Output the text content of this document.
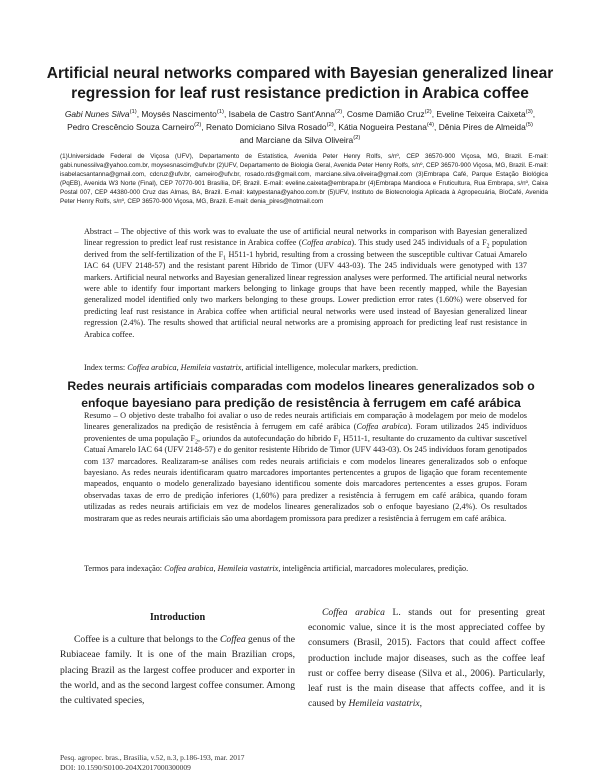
Artificial neural networks compared with Bayesian generalized linear regression for leaf rust resistance prediction in Arabica coffee
Gabi Nunes Silva$^{(1)}$, Moysés Nascimento$^{(1)}$, Isabela de Castro Sant'Anna$^{(2)}$, Cosme Damião Cruz$^{(2)}$, Eveline Teixeira Caixeta$^{(3)}$, Pedro Crescêncio Souza Carneiro$^{(2)}$, Renato Domiciano Silva Rosado$^{(2)}$, Kátia Nogueira Pestana$^{(4)}$, Dênia Pires de Almeida$^{(5)}$ and Marciane da Silva Oliveira$^{(2)}$
(1)Universidade Federal de Viçosa (UFV), Departamento de Estatística, Avenida Peter Henry Rolfs, s/nº, CEP 36570-900 Viçosa, MG, Brazil. E-mail: gabi.nunessilva@yahoo.com.br, moysesnascim@ufv.br (2)UFV, Departamento de Biologia Geral, Avenida Peter Henry Rolfs, s/nº, CEP 36570-900 Viçosa, MG, Brazil. E-mail: isabelacsantanna@gmail.com, cdcruz@ufv.br, carneiro@ufv.br, rosado.rds@gmail.com, marciane.silva.oliveira@gmail.com (3)Embrapa Café, Parque Estação Biológica (PqEB), Avenida W3 Norte (Final), CEP 70770-901 Brasília, DF, Brazil. E-mail: eveline.caixeta@embrapa.br (4)Embrapa Mandioca e Fruticultura, Rua Embrapa, s/nº, Caixa Postal 007, CEP 44380-000 Cruz das Almas, BA, Brazil. E-mail: katypestana@yahoo.com.br (5)UFV, Instituto de Biotecnologia Aplicada à Agropecuária, BioCafé, Avenida Peter Henry Rolfs, s/nº, CEP 36570-900 Viçosa, MG, Brazil. E-mail: denia_pires@hotmail.com
Abstract – The objective of this work was to evaluate the use of artificial neural networks in comparison with Bayesian generalized linear regression to predict leaf rust resistance in Arabica coffee (Coffea arabica). This study used 245 individuals of a $F_2$ population derived from the self-fertilization of the $F_1$ H511-1 hybrid, resulting from a crossing between the susceptible cultivar Catuai Amarelo IAC 64 (UFV 2148-57) and the resistant parent Híbrido de Timor (UFV 443-03). The 245 individuals were genotyped with 137 markers. Artificial neural networks and Bayesian generalized linear regression analyses were performed. The artificial neural networks were able to identify four important markers belonging to linkage groups that have been recently mapped, while the Bayesian generalized model identified only two markers belonging to these groups. Lower prediction error rates (1.60%) were observed for predicting leaf rust resistance in Arabica coffee when artificial neural networks were used instead of Bayesian generalized linear regression (2.4%). The results showed that artificial neural networks are a promising approach for predicting leaf rust resistance in Arabica coffee.
Index terms: Coffea arabica, Hemileia vastatrix, artificial intelligence, molecular markers, prediction.
Redes neurais artificiais comparadas com modelos lineares generalizados sob o enfoque bayesiano para predição de resistência à ferrugem em café arábica
Resumo – O objetivo deste trabalho foi avaliar o uso de redes neurais artificiais em comparação à modelagem por meio de modelos lineares generalizados na predição de resistência à ferrugem em café arábica (Coffea arabica). Foram utilizados 245 indivíduos provenientes de uma população $F_2$, oriundos da autofecundação do híbrido $F_1$ H511-1, resultante do cruzamento da cultivar suscetível Catuaí Amarelo IAC 64 (UFV 2148-57) e do genitor resistente Híbrido de Timor (UFV 443-03). Os 245 indivíduos foram genotipados com 137 marcadores. Realizaram-se análises com redes neurais artificiais e com modelos lineares generalizados sob o enfoque bayesiano. As redes neurais identificaram quatro marcadores importantes pertencentes a grupos de ligação que foram recentemente mapeados, enquanto o modelo generalizado bayesiano identificou somente dois marcadores pertencentes a esses grupos. Foram observadas taxas de erro de predição inferiores (1,60%) para predizer a resistência à ferrugem em café arábica, quando foram utilizadas as redes neurais artificiais em vez de modelos lineares generalizados sob o enfoque bayesiano (2,4%). Os resultados mostraram que as redes neurais artificiais são uma abordagem promissora para predizer a resistência à ferrugem em café arábica.
Termos para indexação: Coffea arabica, Hemileia vastatrix, inteligência artificial, marcadores moleculares, predição.
Introduction
Coffee is a culture that belongs to the Coffea genus of the Rubiaceae family. It is one of the main Brazilian crops, placing Brazil as the largest coffee producer and exporter in the world, and as the second largest coffee consumer. Among the cultivated species,
Coffea arabica L. stands out for presenting great economic value, since it is the most appreciated coffee by consumers (Brasil, 2015). Factors that could affect coffee production include major diseases, such as the coffee leaf rust or coffee berry disease (Silva et al., 2006). Particularly, leaf rust is the main disease that affects coffee, and it is caused by Hemileia vastatrix,
Pesq. agropec. bras., Brasília, v.52, n.3, p.186-193, mar. 2017
DOI: 10.1590/S0100-204X2017000300009
